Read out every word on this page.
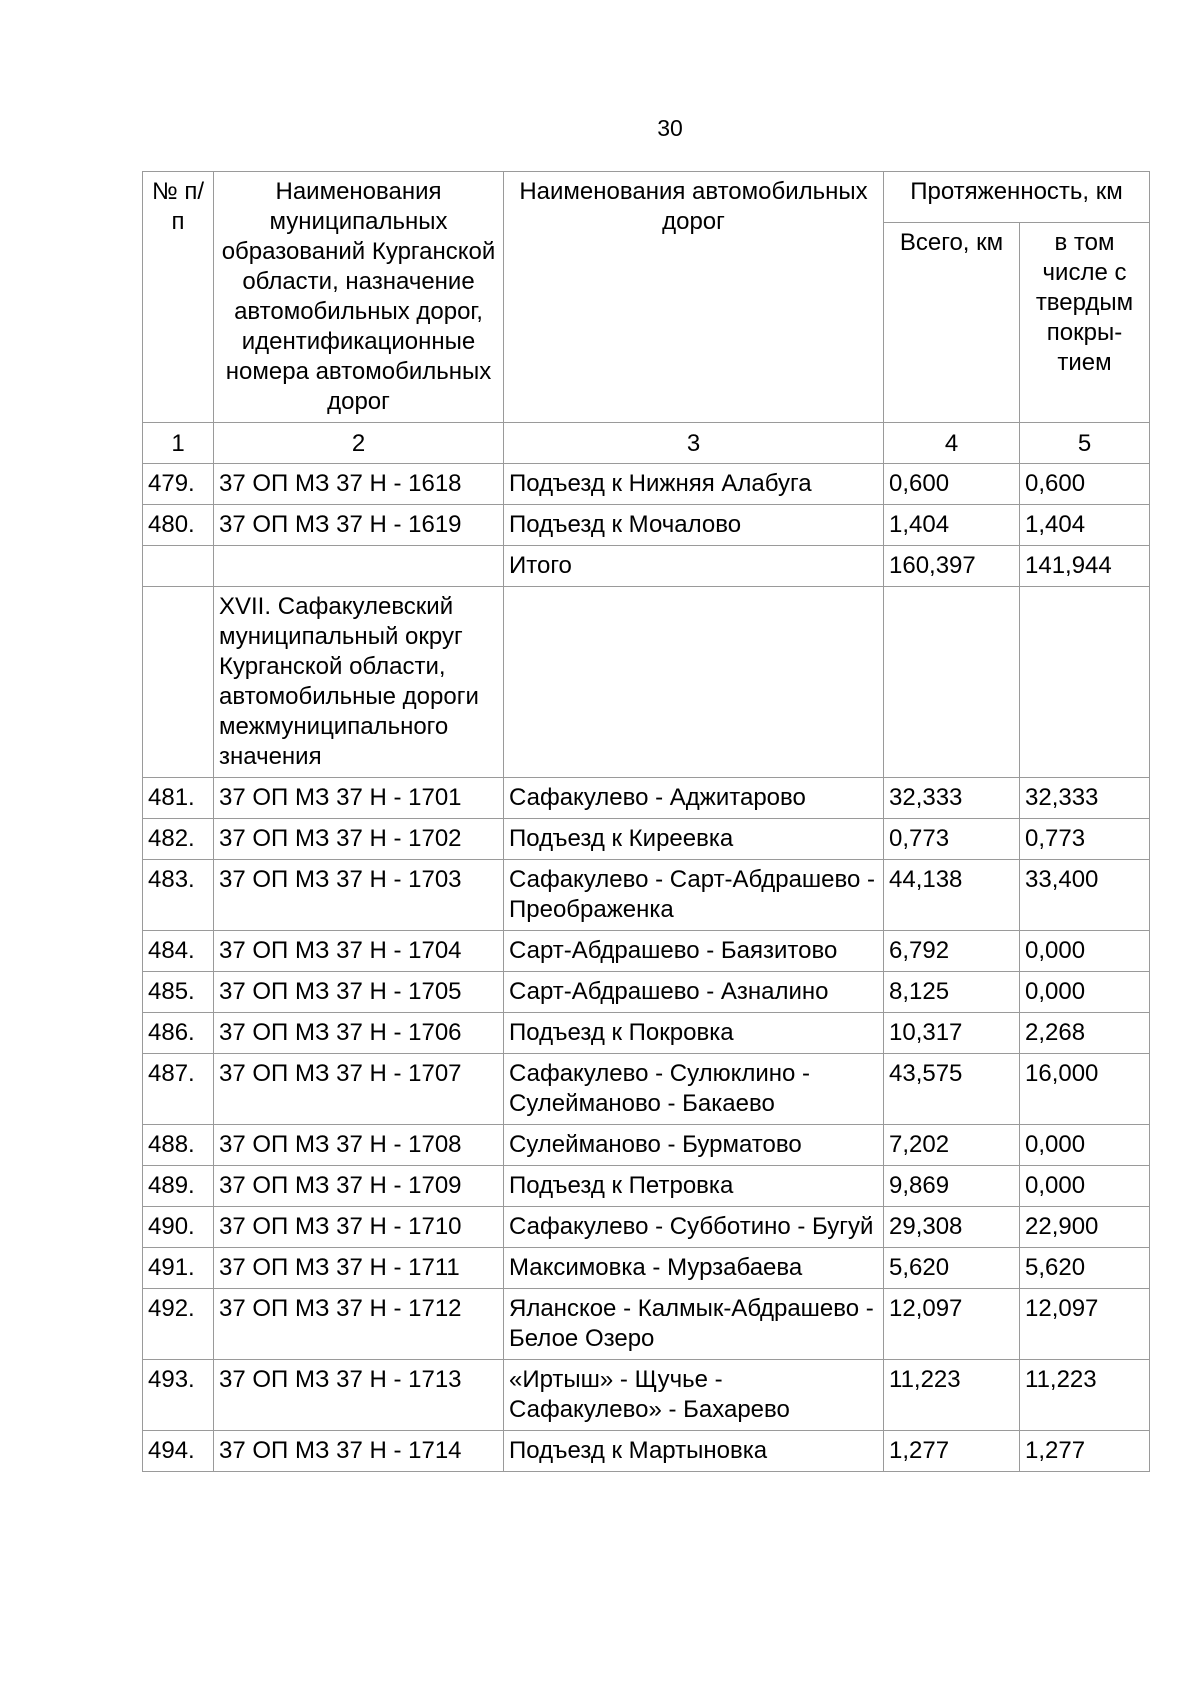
30
№ п/п	Наименования муниципальных образований Курганской области, назначение автомобильных дорог, идентификационные номера автомобильных дорог	Наименования автомобильных дорог	Протяженность, км	
			Всего, км	в том числе с твердым покры-тием
1	2	3	4	5
479.	37 ОП МЗ 37 Н - 1618	Подъезд к Нижняя Алабуга	0,600	0,600
480.	37 ОП МЗ 37 Н - 1619	Подъезд к Мочалово	1,404	1,404
		Итого	160,397	141,944
	XVII. Сафакулевский муниципальный округ Курганской области, автомобильные дороги межмуниципального значения			
481.	37 ОП МЗ 37 Н - 1701	Сафакулево - Аджитарово	32,333	32,333
482.	37 ОП МЗ 37 Н - 1702	Подъезд к Киреевка	0,773	0,773
483.	37 ОП МЗ 37 Н - 1703	Сафакулево - Сарт-Абдрашево - Преображенка	44,138	33,400
484.	37 ОП МЗ 37 Н - 1704	Сарт-Абдрашево - Баязитово	6,792	0,000
485.	37 ОП МЗ 37 Н - 1705	Сарт-Абдрашево - Азналино	8,125	0,000
486.	37 ОП МЗ 37 Н - 1706	Подъезд к Покровка	10,317	2,268
487.	37 ОП МЗ 37 Н - 1707	Сафакулево - Сулюклино - Сулейманово - Бакаево	43,575	16,000
488.	37 ОП МЗ 37 Н - 1708	Сулейманово - Бурматово	7,202	0,000
489.	37 ОП МЗ 37 Н - 1709	Подъезд к Петровка	9,869	0,000
490.	37 ОП МЗ 37 Н - 1710	Сафакулево - Субботино - Бугуй	29,308	22,900
491.	37 ОП МЗ 37 Н - 1711	Максимовка - Мурзабаева	5,620	5,620
492.	37 ОП МЗ 37 Н - 1712	Яланское - Калмык-Абдрашево - Белое Озеро	12,097	12,097
493.	37 ОП МЗ 37 Н - 1713	«Иртыш» - Щучье - Сафакулево» - Бахарево	11,223	11,223
494.	37 ОП МЗ 37 Н - 1714	Подъезд к Мартыновка	1,277	1,277
